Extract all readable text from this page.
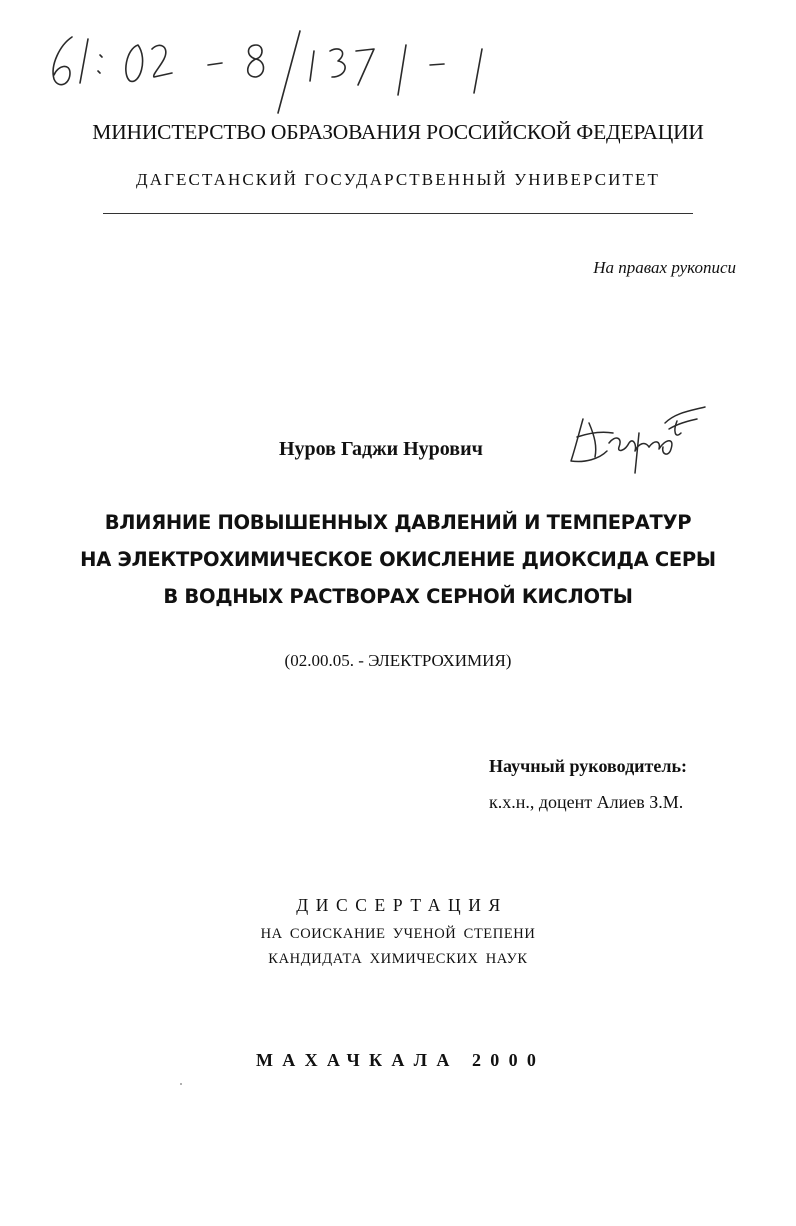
МИНИСТЕРСТВО ОБРАЗОВАНИЯ РОССИЙСКОЙ ФЕДЕРАЦИИ
ДАГЕСТАНСКИЙ ГОСУДАРСТВЕННЫЙ УНИВЕРСИТЕТ
На правах рукописи
Нуров Гаджи Нурович
ВЛИЯНИЕ ПОВЫШЕННЫХ ДАВЛЕНИЙ И ТЕМПЕРАТУР
НА ЭЛЕКТРОХИМИЧЕСКОЕ ОКИСЛЕНИЕ ДИОКСИДА СЕРЫ
В ВОДНЫХ РАСТВОРАХ СЕРНОЙ КИСЛОТЫ
(02.00.05. - ЭЛЕКТРОХИМИЯ)
Научный руководитель:
к.х.н., доцент Алиев З.М.
ДИССЕРТАЦИЯ
НА СОИСКАНИЕ УЧЕНОЙ СТЕПЕНИ
КАНДИДАТА ХИМИЧЕСКИХ НАУК
МАХАЧКАЛА 2000
